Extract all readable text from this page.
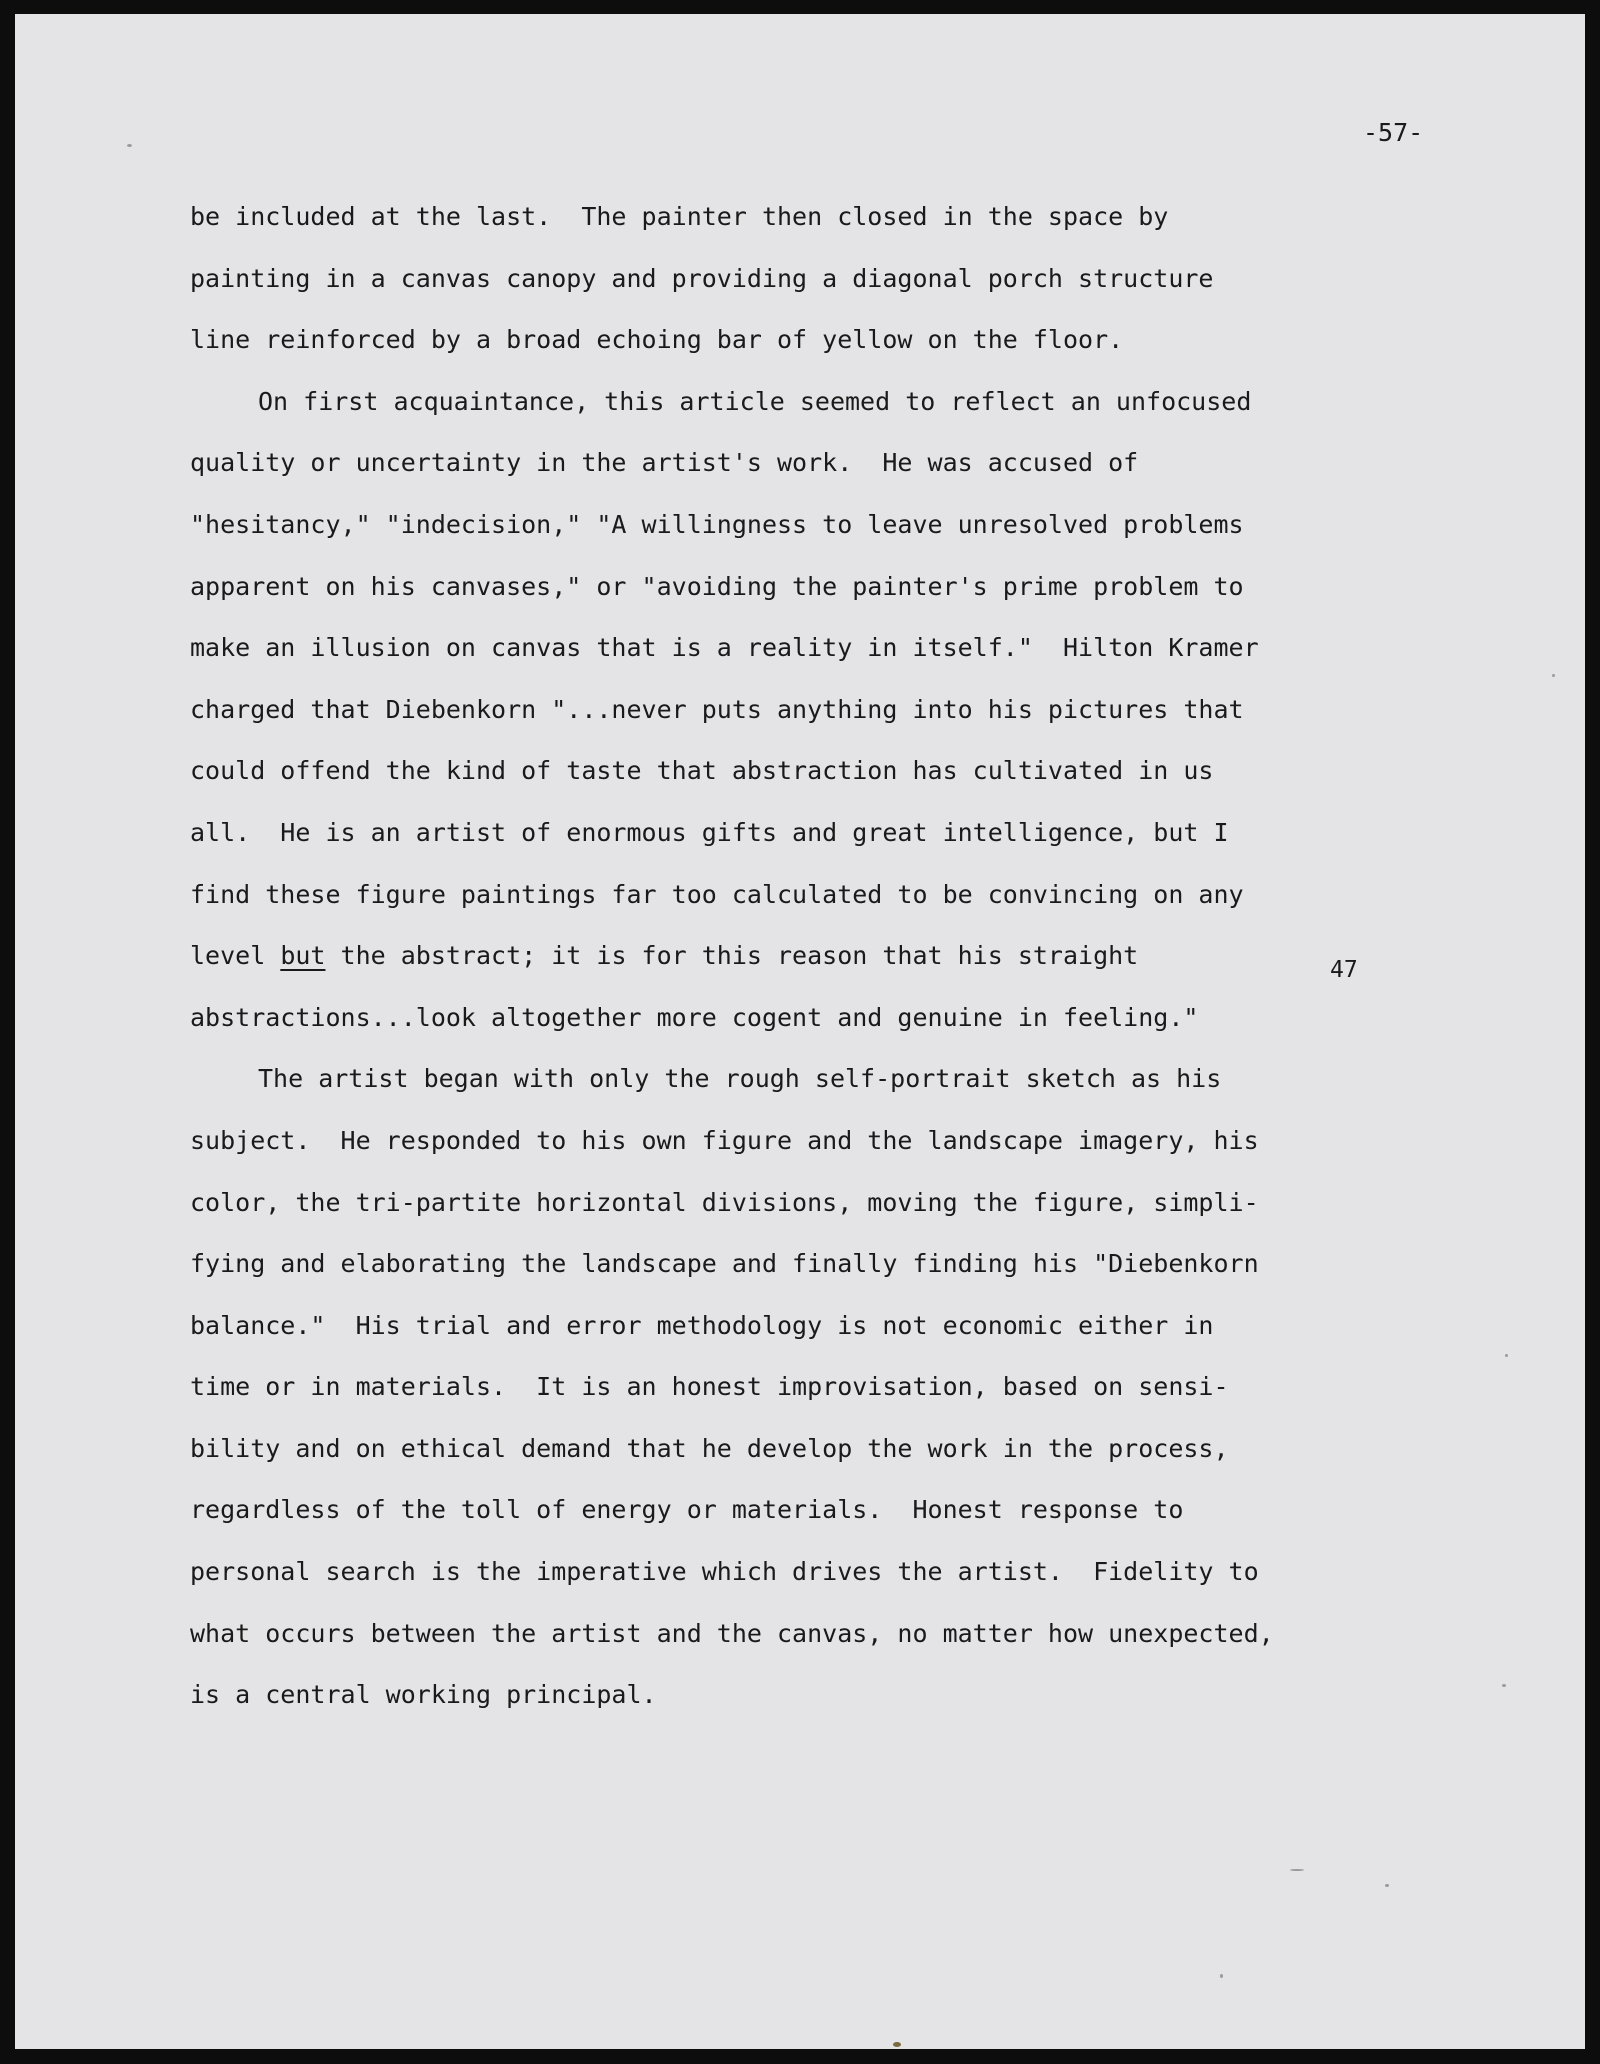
-57-
be included at the last.  The painter then closed in the space by
painting in a canvas canopy and providing a diagonal porch structure
line reinforced by a broad echoing bar of yellow on the floor.
On first acquaintance, this article seemed to reflect an unfocused
quality or uncertainty in the artist's work.  He was accused of
"hesitancy," "indecision," "A willingness to leave unresolved problems
apparent on his canvases," or "avoiding the painter's prime problem to
make an illusion on canvas that is a reality in itself."  Hilton Kramer
charged that Diebenkorn "...never puts anything into his pictures that
could offend the kind of taste that abstraction has cultivated in us
all.  He is an artist of enormous gifts and great intelligence, but I
find these figure paintings far too calculated to be convincing on any
level but the abstract; it is for this reason that his straight
abstractions...look altogether more cogent and genuine in feeling."
47
The artist began with only the rough self-portrait sketch as his
subject.  He responded to his own figure and the landscape imagery, his
color, the tri-partite horizontal divisions, moving the figure, simpli-
fying and elaborating the landscape and finally finding his "Diebenkorn
balance."  His trial and error methodology is not economic either in
time or in materials.  It is an honest improvisation, based on sensi-
bility and on ethical demand that he develop the work in the process,
regardless of the toll of energy or materials.  Honest response to
personal search is the imperative which drives the artist.  Fidelity to
what occurs between the artist and the canvas, no matter how unexpected,
is a central working principal.
